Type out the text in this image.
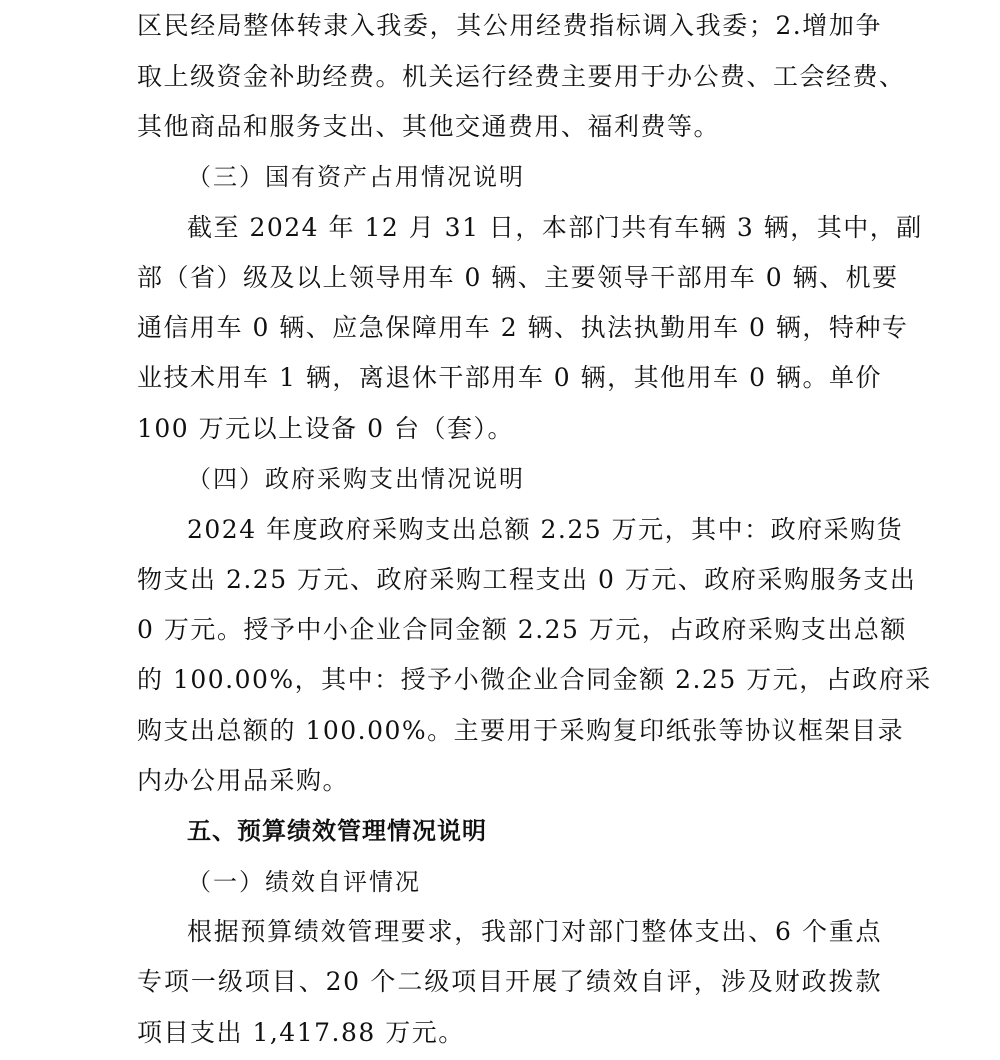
区民经局整体转隶入我委，其公用经费指标调入我委；2.增加争
取上级资金补助经费。机关运行经费主要用于办公费、工会经费、
其他商品和服务支出、其他交通费用、福利费等。
（三）国有资产占用情况说明
截至 2024 年 12 月 31 日，本部门共有车辆 3 辆，其中，副
部（省）级及以上领导用车 0 辆、主要领导干部用车 0 辆、机要
通信用车 0 辆、应急保障用车 2 辆、执法执勤用车 0 辆，特种专
业技术用车 1 辆，离退休干部用车 0 辆，其他用车 0 辆。单价
100 万元以上设备 0 台（套）。
（四）政府采购支出情况说明
2024 年度政府采购支出总额 2.25 万元，其中：政府采购货
物支出 2.25 万元、政府采购工程支出 0 万元、政府采购服务支出
0 万元。授予中小企业合同金额 2.25 万元，占政府采购支出总额
的 100.00%，其中：授予小微企业合同金额 2.25 万元，占政府采
购支出总额的 100.00%。主要用于采购复印纸张等协议框架目录
内办公用品采购。
五、预算绩效管理情况说明
（一）绩效自评情况
根据预算绩效管理要求，我部门对部门整体支出、6 个重点
专项一级项目、20 个二级项目开展了绩效自评，涉及财政拨款
项目支出 1,417.88 万元。
